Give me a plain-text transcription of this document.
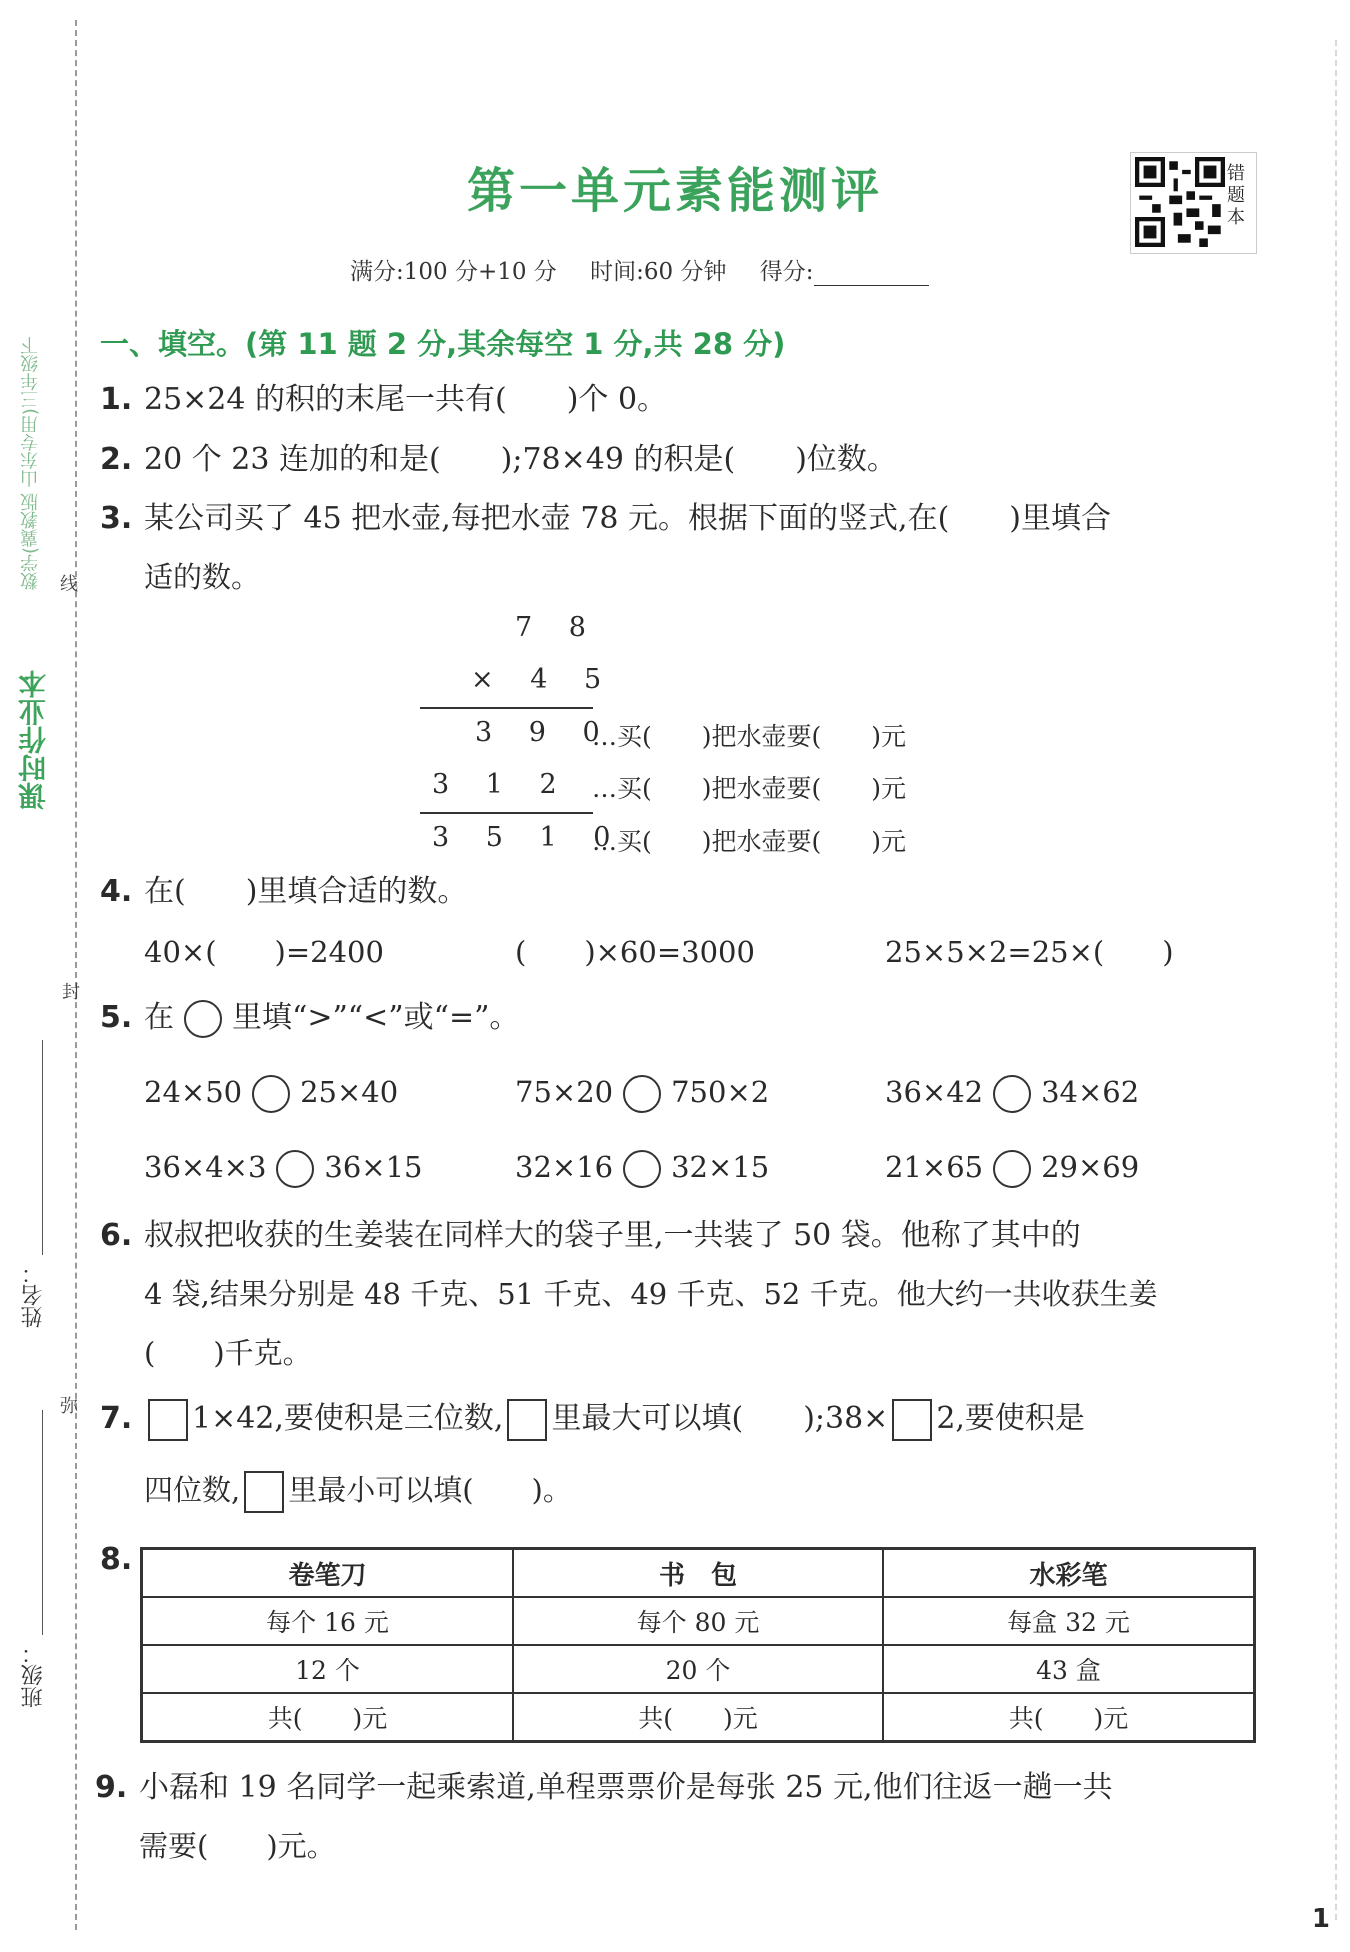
数学(冀教版 山东专用)三年级下
课时作业本
线
封
弥
姓名：
班级：
第一单元素能测评	错题本
满分:100 分+10 分 时间:60 分钟 得分:
一、填空。(第 11 题 2 分,其余每空 1 分,共 28 分)
1. 25×24 的积的末尾一共有(　　)个 0。
2. 20 个 23 连加的和是(　　);78×49 的积是(　　)位数。
3. 某公司买了 45 把水壶,每把水壶 78 元。根据下面的竖式,在(　　)里填合
适的数。
7 8
× 4 5
3 9 0
…买(　　)把水壶要(　　)元
3 1 2 …买(　　)把水壶要(　　)元
3 5 1 0
…买(　　)把水壶要(　　)元
4. 在(　　)里填合适的数。
40×(　　)=2400	(　　)×60=3000	25×5×2=25×(　　)
5. 在 里填“>”“<”或“=”。
24×50 25×40	75×20 750×2	36×42 34×62
36×4×3 36×15	32×16 32×15	21×65 29×69
6. 叔叔把收获的生姜装在同样大的袋子里,一共装了 50 袋。他称了其中的
4 袋,结果分别是 48 千克、51 千克、49 千克、52 千克。他大约一共收获生姜
(　　)千克。
7. 1×42,要使积是三位数, 里最大可以填(　　);38× 2,要使积是
四位数, 里最小可以填(　　)。
8.	卷笔刀	书　包	水彩笔
每个 16 元	每个 80 元	每盒 32 元
12 个	20 个	43 盒
共(　　)元	共(　　)元	共(　　)元
9. 小磊和 19 名同学一起乘索道,单程票票价是每张 25 元,他们往返一趟一共
需要(　　)元。
1
